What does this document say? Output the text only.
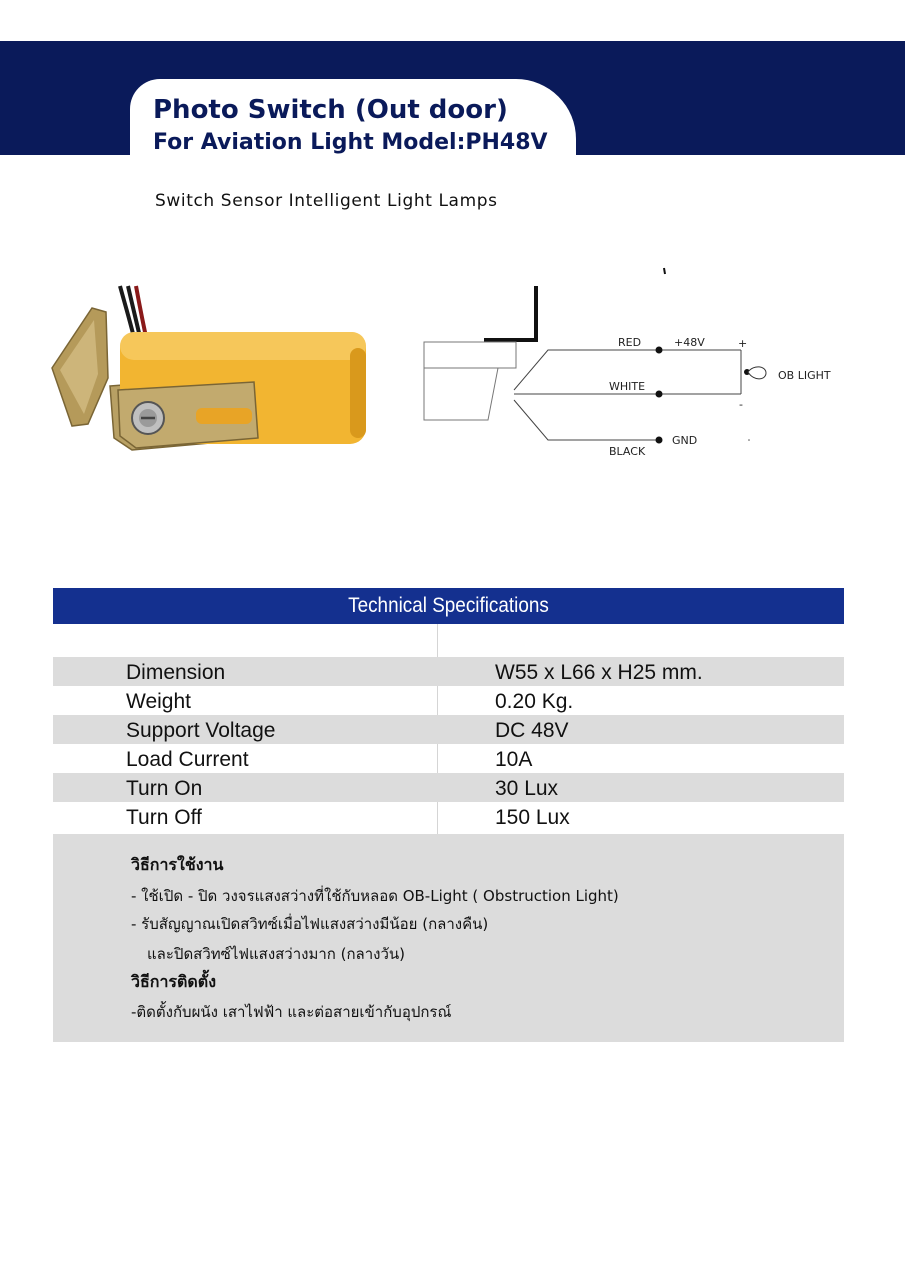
Photo Switch (Out door)
For Aviation Light Model:PH48V

Switch Sensor Intelligent Light Lamps

RED	+48V	+
OB LIGHT
WHITE
-
GND
BLACK
Technical Specifications
Dimension	W55 x L66 x H25 mm.
Weight	0.20 Kg.
Support Voltage	DC 48V
Load Current	10A
Turn On	30 Lux
Turn Off	150 Lux

วิธีการใช้งาน

- ใช้เปิด - ปิด วงจรแสงสว่างที่ใช้กับหลอด OB-Light ( Obstruction Light)

- รับสัญญาณเปิดสวิทซ์เมื่อไฟแสงสว่างมีน้อย (กลางคืน)

และปิดสวิทซ์ไฟแสงสว่างมาก (กลางวัน)

วิธีการติดตั้ง

-ติดตั้งกับผนัง เสาไฟฟ้า และต่อสายเข้ากับอุปกรณ์
